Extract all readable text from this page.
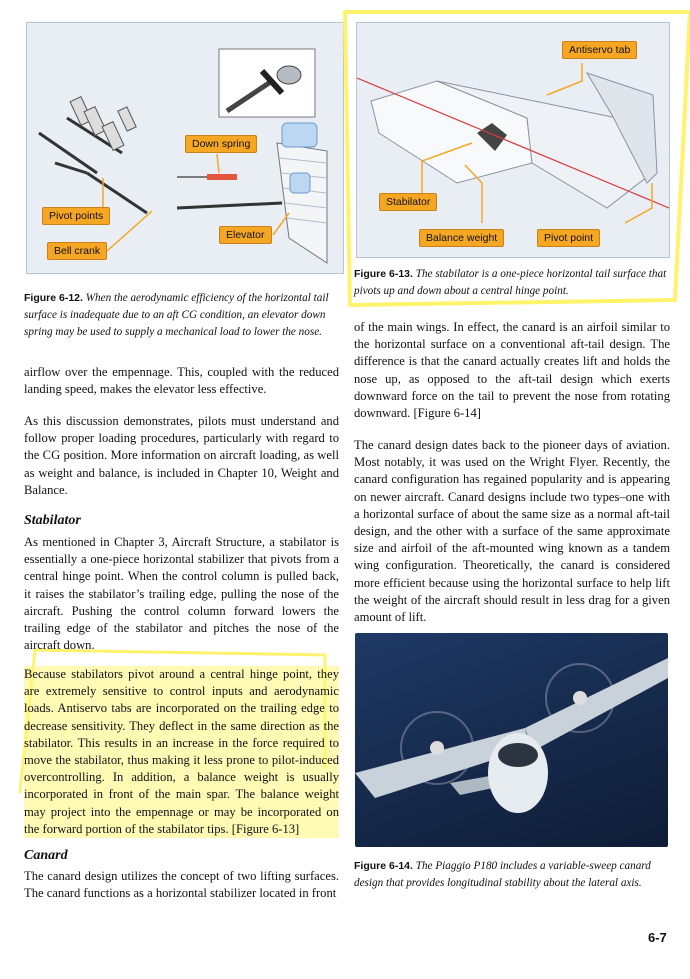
Down spring
Pivot points
Elevator
Bell crank
Figure 6-12. When the aerodynamic efficiency of the horizontal tail surface is inadequate due to an aft CG condition, an elevator down spring may be used to supply a mechanical load to lower the nose.
Antiservo tab
Stabilator
Balance weight	Pivot point
Figure 6-13. The stabilator is a one-piece horizontal tail surface that pivots up and down about a central hinge point.

airflow over the empennage. This, coupled with the reduced landing speed, makes the elevator less effective.

As this discussion demonstrates, pilots must understand and follow proper loading procedures, particularly with regard to the CG position. More information on aircraft loading, as well as weight and balance, is included in Chapter 10, Weight and Balance.

Stabilator

As mentioned in Chapter 3, Aircraft Structure, a stabilator is essentially a one-piece horizontal stabilizer that pivots from a central hinge point. When the control column is pulled back, it raises the stabilator’s trailing edge, pulling the nose of the aircraft. Pushing the control column forward lowers the trailing edge of the stabilator and pitches the nose of the aircraft down.

Because stabilators pivot around a central hinge point, they are extremely sensitive to control inputs and aerodynamic loads. Antiservo tabs are incorporated on the trailing edge to decrease sensitivity. They deflect in the same direction as the stabilator. This results in an increase in the force required to move the stabilator, thus making it less prone to pilot-induced overcontrolling. In addition, a balance weight is usually incorporated in front of the main spar. The balance weight may project into the empennage or may be incorporated on the forward portion of the stabilator tips. [Figure 6-13]

Canard

The canard design utilizes the concept of two lifting surfaces. The canard functions as a horizontal stabilizer located in front

of the main wings. In effect, the canard is an airfoil similar to the horizontal surface on a conventional aft-tail design. The difference is that the canard actually creates lift and holds the nose up, as opposed to the aft-tail design which exerts downward force on the tail to prevent the nose from rotating downward. [Figure 6-14]

The canard design dates back to the pioneer days of aviation. Most notably, it was used on the Wright Flyer. Recently, the canard configuration has regained popularity and is appearing on newer aircraft. Canard designs include two types–one with a horizontal surface of about the same size as a normal aft-tail design, and the other with a surface of the same approximate size and airfoil of the aft-mounted wing known as a tandem wing configuration. Theoretically, the canard is considered more efficient because using the horizontal surface to help lift the weight of the aircraft should result in less drag for a given amount of lift.

Figure 6-14. The Piaggio P180 includes a variable-sweep canard design that provides longitudinal stability about the lateral axis.
6-7
